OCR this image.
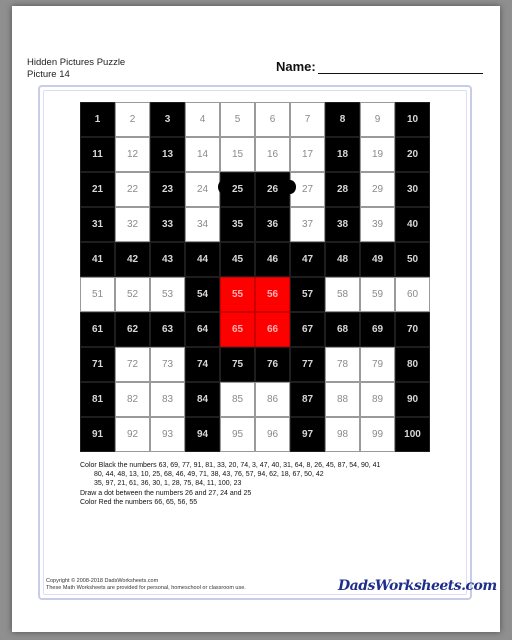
Hidden Pictures Puzzle
Picture 14
Name:
1	2	3	4	5	6	7	8	9	10
11	12	13	14	15	16	17	18	19	20
21	22	23	24	25	26	27	28	29	30
31	32	33	34	35	36	37	38	39	40
41	42	43	44	45	46	47	48	49	50
51	52	53	54	55	56	57	58	59	60
61	62	63	64	65	66	67	68	69	70
71	72	73	74	75	76	77	78	79	80
81	82	83	84	85	86	87	88	89	90
91	92	93	94	95	96	97	98	99	100
Color Black the numbers 63, 69, 77, 91, 81, 33, 20, 74, 3, 47, 40, 31, 64, 8, 26, 45, 87, 54, 90, 41
80, 44, 48, 13, 10, 25, 68, 46, 49, 71, 38, 43, 76, 57, 94, 62, 18, 67, 50, 42
35, 97, 21, 61, 36, 30, 1, 28, 75, 84, 11, 100, 23
Draw a dot between the numbers 26 and 27, 24 and 25
Color Red the numbers 66, 65, 56, 55
Copyright © 2008-2018 DadsWorksheets.com
These Math Worksheets are provided for personal, homeschool or classroom use.	DadsWorksheets.com
